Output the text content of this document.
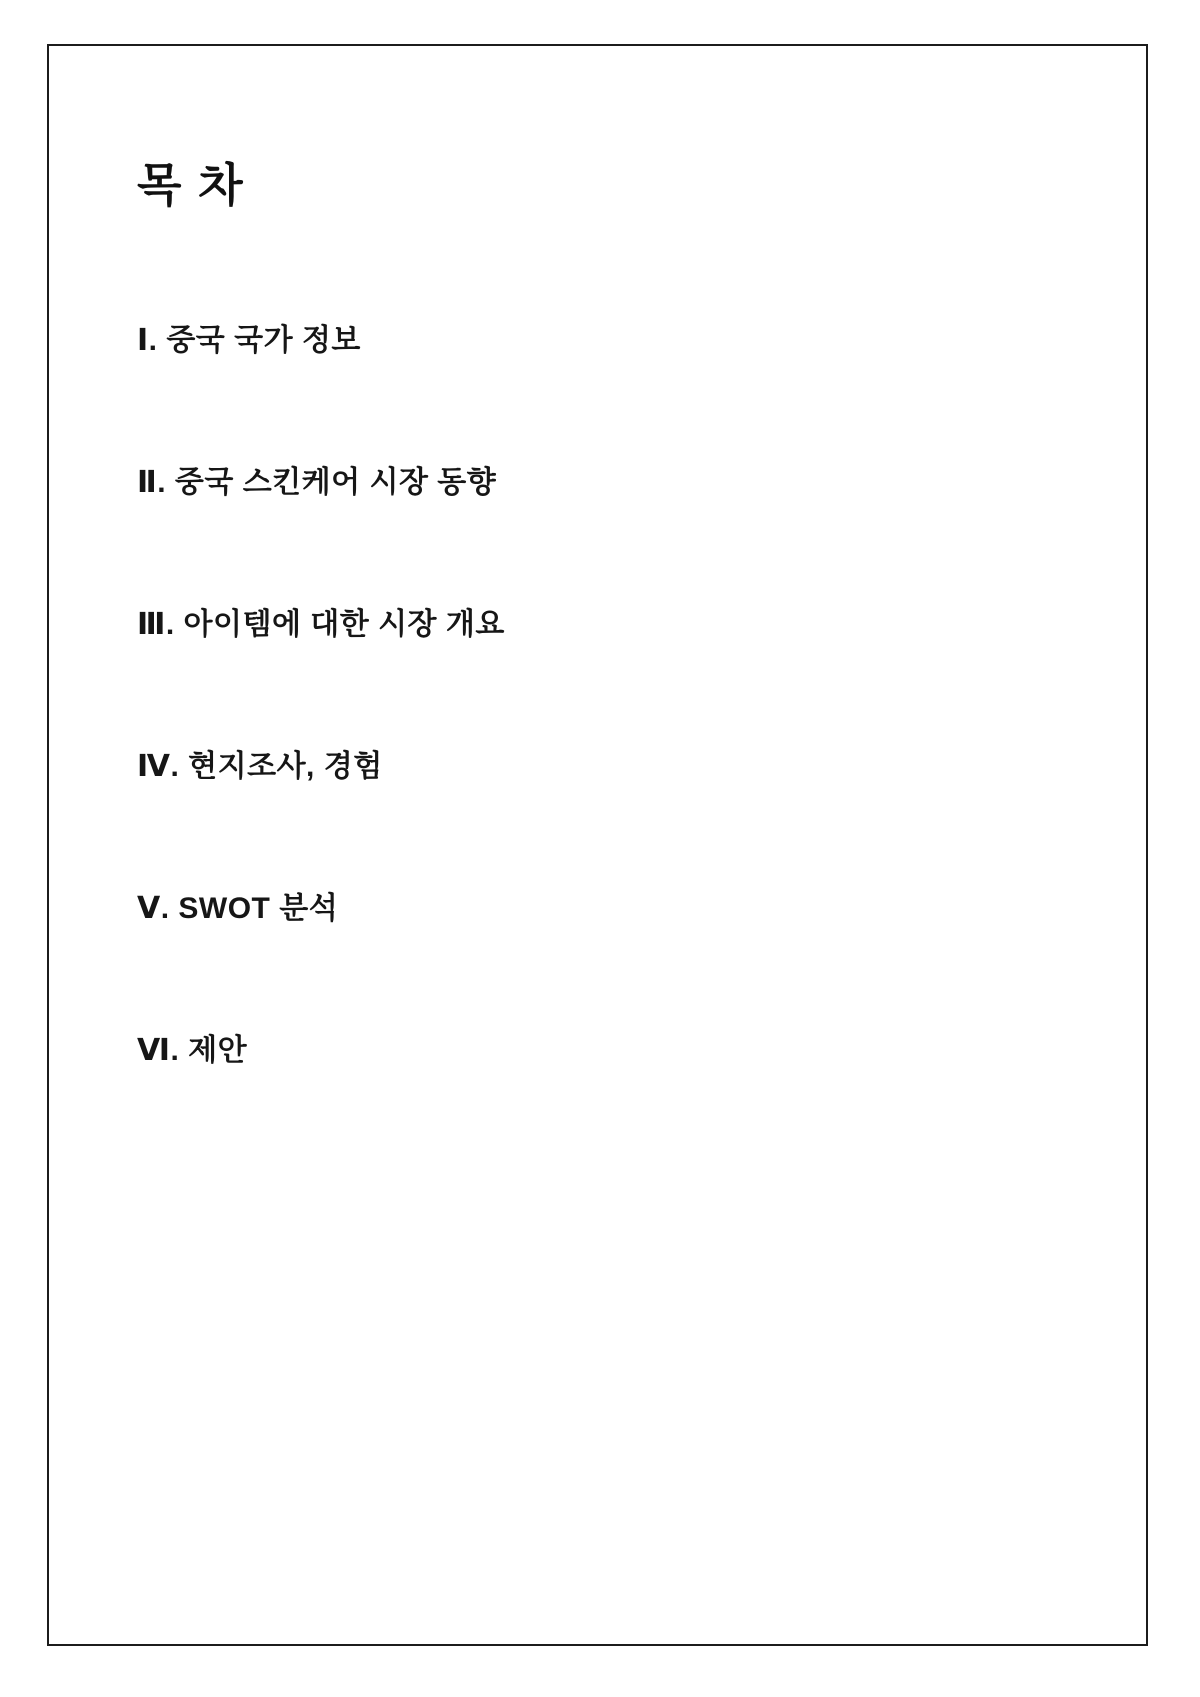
목 차
Ⅰ. 중국 국가 정보
Ⅱ. 중국 스킨케어 시장 동향
Ⅲ. 아이템에 대한 시장 개요
Ⅳ. 현지조사, 경험
Ⅴ. SWOT 분석
Ⅵ. 제안
